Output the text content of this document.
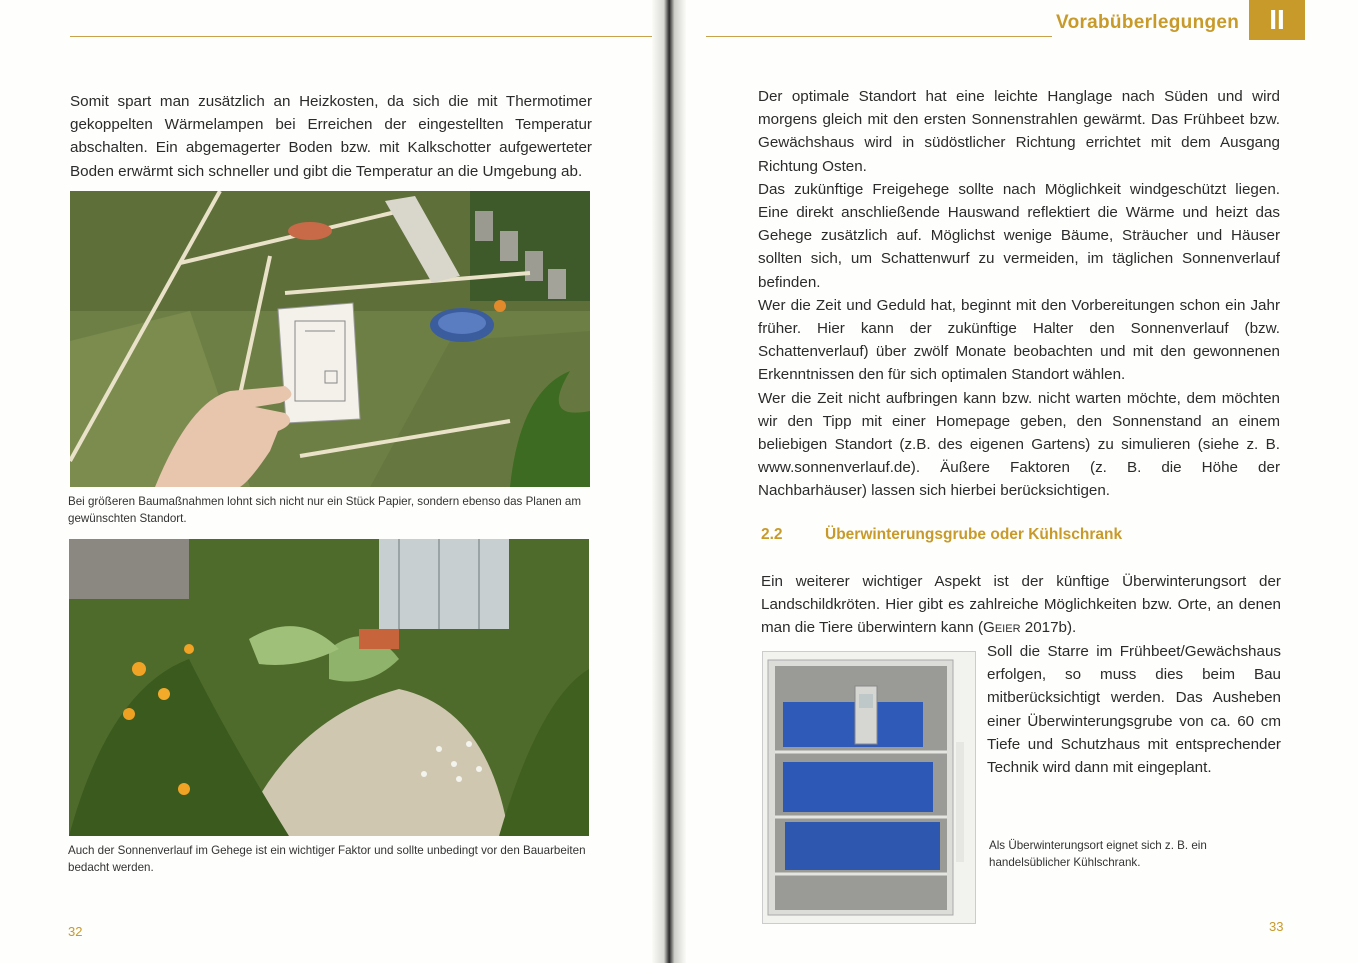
Somit spart man zusätzlich an Heizkosten, da sich die mit Thermotimer gekoppelten Wärmelampen bei Erreichen der eingestellten Temperatur abschalten. Ein abgemagerter Boden bzw. mit Kalkschotter aufgewerteter Boden erwärmt sich schneller und gibt die Temperatur an die Umgebung ab.

Bei größeren Baumaßnahmen lohnt sich nicht nur ein Stück Papier, sondern ebenso das Planen am gewünschten Standort.
Auch der Sonnenverlauf im Gehege ist ein wichtiger Faktor und sollte unbedingt vor den Bauarbeiten bedacht werden.
32
Vorabüberlegungen II

Der optimale Standort hat eine leichte Hanglage nach Süden und wird morgens gleich mit den ersten Sonnenstrahlen gewärmt. Das Frühbeet bzw. Gewächshaus wird in südöstlicher Richtung errichtet mit dem Ausgang Richtung Osten.

Das zukünftige Freigehege sollte nach Möglichkeit windgeschützt liegen. Eine direkt anschließende Hauswand reflektiert die Wärme und heizt das Gehege zusätzlich auf. Möglichst wenige Bäume, Sträucher und Häuser sollten sich, um Schattenwurf zu vermeiden, im täglichen Sonnenverlauf befinden.

Wer die Zeit und Geduld hat, beginnt mit den Vorbereitungen schon ein Jahr früher. Hier kann der zukünftige Halter den Sonnenverlauf (bzw. Schattenverlauf) über zwölf Monate beobachten und mit den gewonnenen Erkenntnissen den für sich optimalen Standort wählen.

Wer die Zeit nicht aufbringen kann bzw. nicht warten möchte, dem möchten wir den Tipp mit einer Homepage geben, den Sonnenstand an einem beliebigen Standort (z.B. des eigenen Gartens) zu simulieren (siehe z. B. www.sonnenverlauf.de). Äußere Faktoren (z. B. die Höhe der Nachbarhäuser) lassen sich hierbei berücksichtigen.

2.2	Überwinterungsgrube oder Kühlschrank

Ein weiterer wichtiger Aspekt ist der künftige Überwinterungsort der Landschildkröten. Hier gibt es zahlreiche Möglichkeiten bzw. Orte, an denen man die Tiere überwintern kann (Geier 2017b).

Soll die Starre im Frühbeet/Gewächshaus erfolgen, so muss dies beim Bau mitberücksichtigt werden. Das Ausheben einer Überwinterungsgrube von ca. 60 cm Tiefe und Schutzhaus mit entsprechender Technik wird dann mit eingeplant.

Als Überwinterungsort eignet sich z. B. ein handelsüblicher Kühlschrank.
33
